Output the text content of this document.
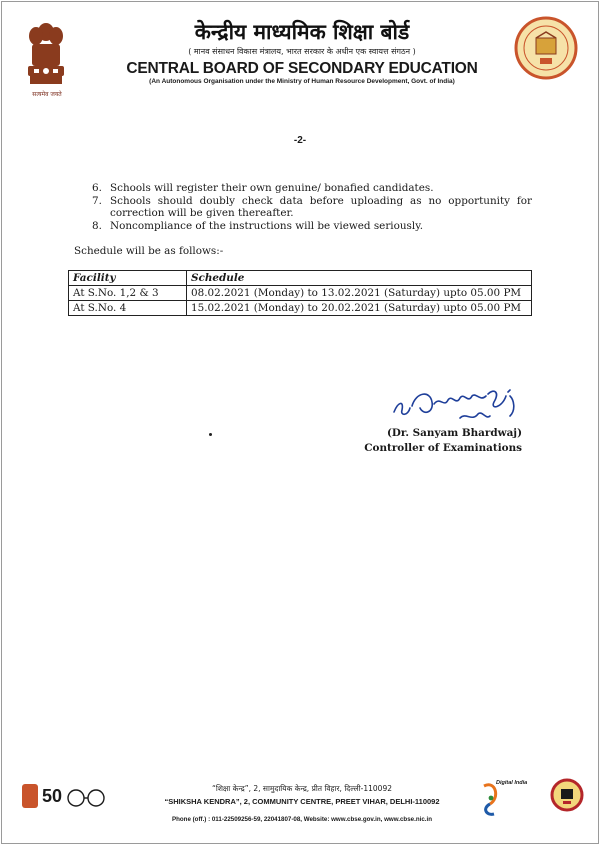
सत्यमेव जयते
केन्द्रीय माध्यमिक शिक्षा बोर्ड
( मानव संसाधन विकास मंत्रालय, भारत सरकार के अधीन एक स्वायत्त संगठन )
CENTRAL BOARD OF SECONDARY EDUCATION
(An Autonomous Organisation under the Ministry of Human Resource Development, Govt. of India)
-2-
6. Schools will register their own genuine/ bonafied candidates.
7. Schools should doubly check data before uploading as no opportunity for correction will be given thereafter.
8. Noncompliance of the instructions will be viewed seriously.
Schedule will be as follows:-
Facility	Schedule
At S.No. 1,2 & 3	08.02.2021 (Monday) to 13.02.2021 (Saturday) upto 05.00 PM
At S.No. 4	15.02.2021 (Monday) to 20.02.2021 (Saturday) upto 05.00 PM
(Dr. Sanyam Bhardwaj)
Controller of Examinations
50	“शिक्षा केन्द्र”, 2, सामुदायिक केन्द्र, प्रीत विहार, दिल्ली-110092
“SHIKSHA KENDRA”, 2, COMMUNITY CENTRE, PREET VIHAR, DELHI-110092
Phone (off.) : 011-22509256-59, 22041807-08, Website: www.cbse.gov.in, www.cbse.nic.in
Digital India
